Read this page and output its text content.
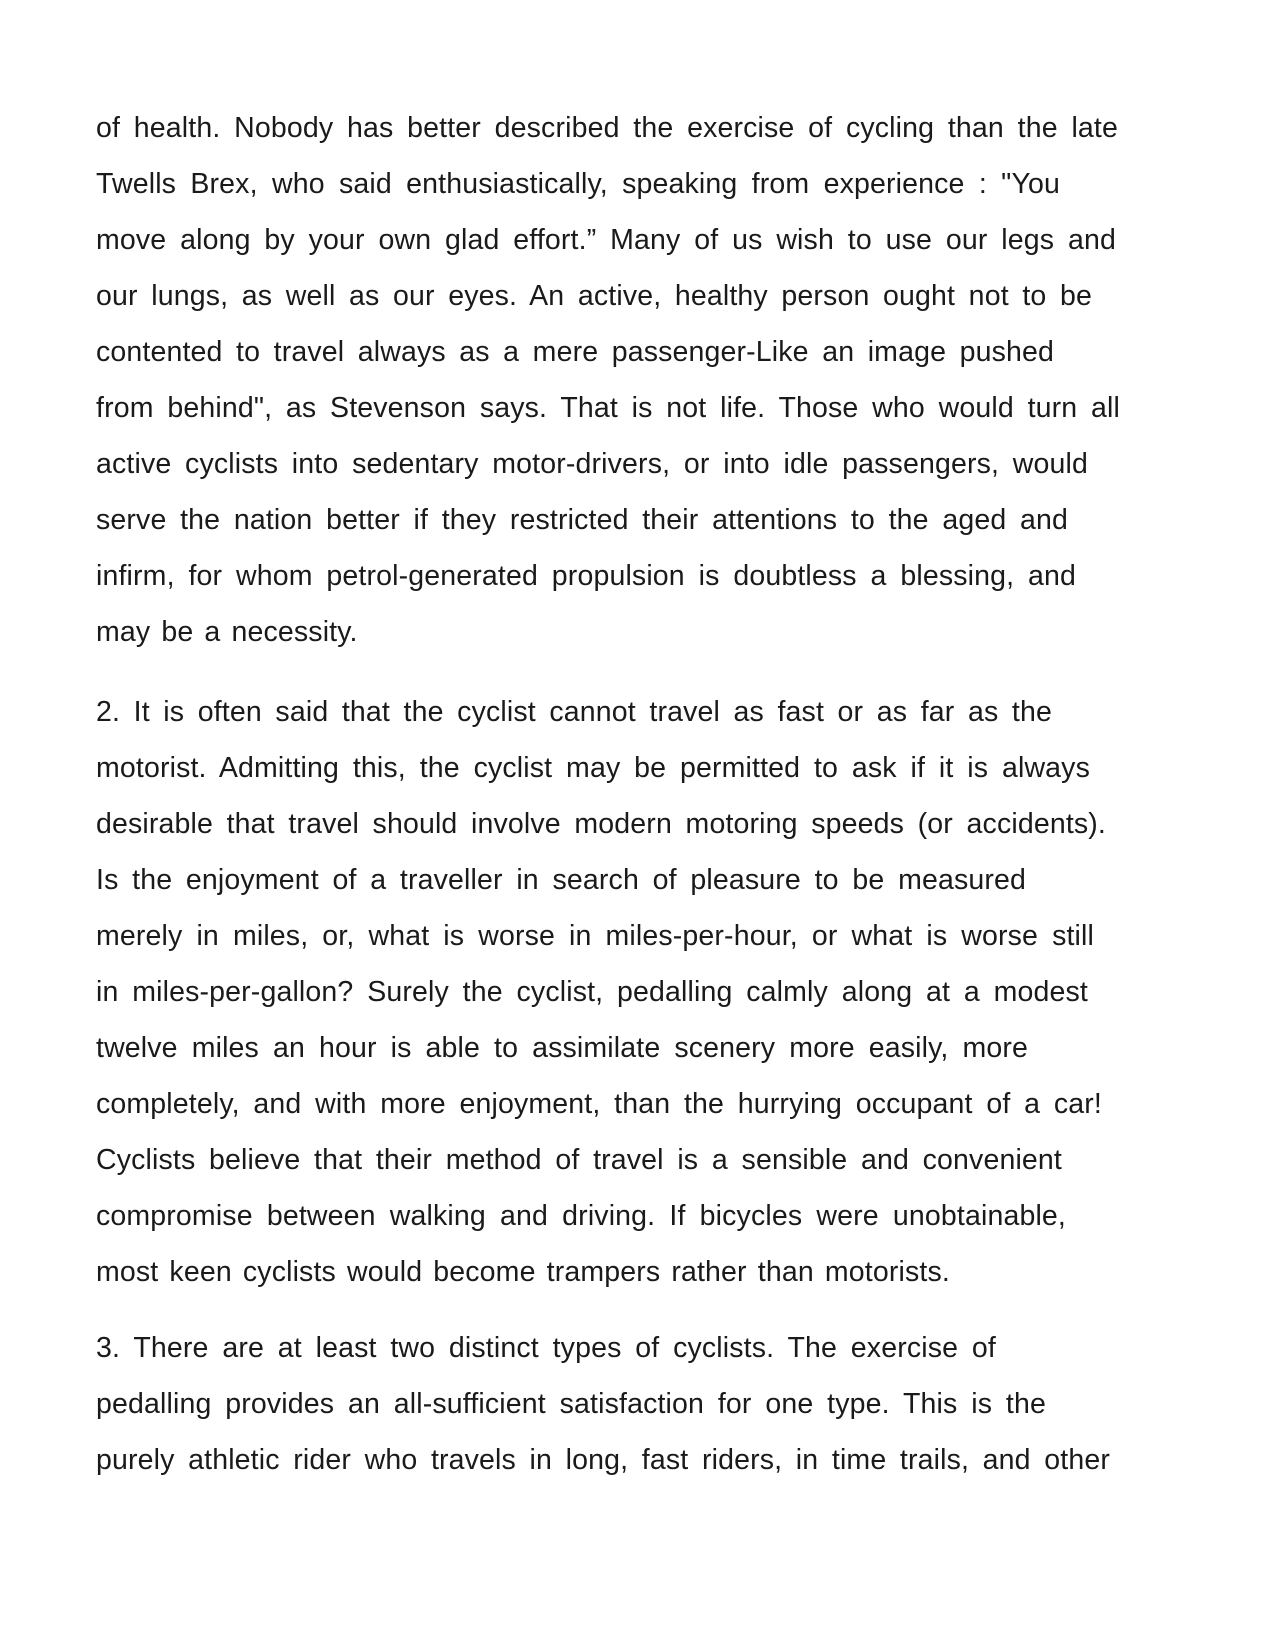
of health. Nobody has better described the exercise of cycling than the late
Twells Brex, who said enthusiastically, speaking from experience : "You
move along by your own glad effort.” Many of us wish to use our legs and
our lungs, as well as our eyes. An active, healthy person ought not to be
contented to travel always as a mere passenger-Like an image pushed
from behind", as Stevenson says. That is not life. Those who would turn all
active cyclists into sedentary motor-drivers, or into idle passengers, would
serve the nation better if they restricted their attentions to the aged and
infirm, for whom petrol-generated propulsion is doubtless a blessing, and
may be a necessity.
2. It is often said that the cyclist cannot travel as fast or as far as the
motorist. Admitting this, the cyclist may be permitted to ask if it is always
desirable that travel should involve modern motoring speeds (or accidents).
Is the enjoyment of a traveller in search of pleasure to be measured
merely in miles, or, what is worse in miles-per-hour, or what is worse still
in miles-per-gallon? Surely the cyclist, pedalling calmly along at a modest
twelve miles an hour is able to assimilate scenery more easily, more
completely, and with more enjoyment, than the hurrying occupant of a car!
Cyclists believe that their method of travel is a sensible and convenient
compromise between walking and driving. If bicycles were unobtainable,
most keen cyclists would become trampers rather than motorists.
3. There are at least two distinct types of cyclists. The exercise of
pedalling provides an all-sufficient satisfaction for one type. This is the
purely athletic rider who travels in long, fast riders, in time trails, and other
